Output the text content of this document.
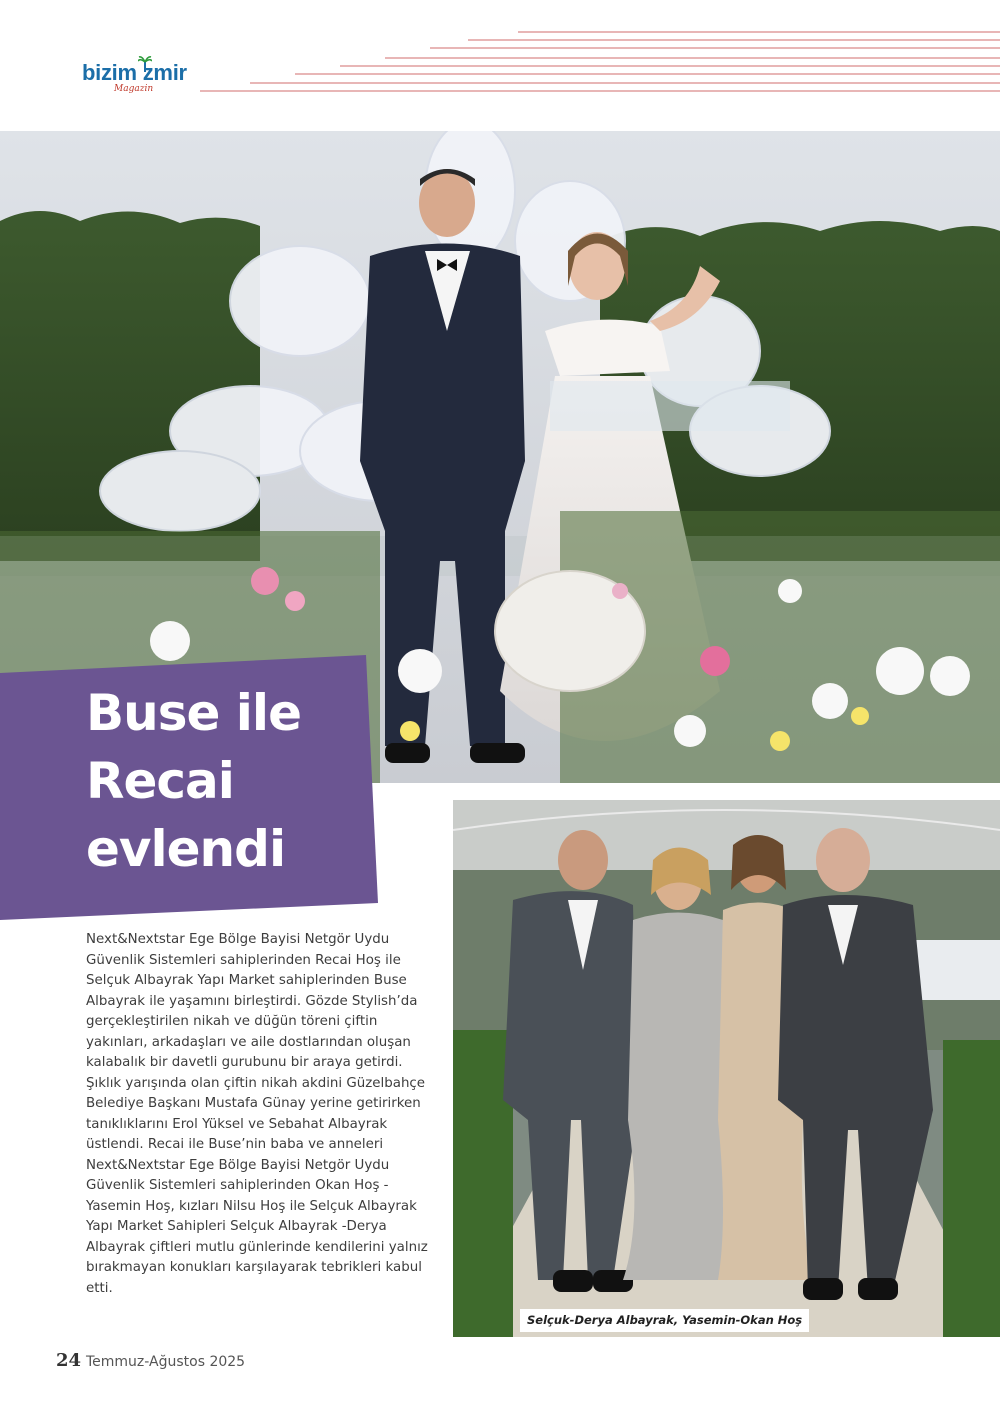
bizim zmir
Magazin
Selçuk-Derya Albayrak, Yasemin-Okan Hoş
Buse ile
Recai
evlendi

Next&Nextstar Ege Bölge Bayisi Netgör Uydu Güvenlik Sistemleri sahiplerinden Recai Hoş ile Selçuk Albayrak Yapı Market sahiplerinden Buse Albayrak ile yaşamını birleştirdi. Gözde Stylish’da gerçekleştirilen nikah ve düğün töreni çiftin yakınları, arkadaşları ve aile dostlarından oluşan kalabalık bir davetli gurubunu bir araya getirdi. Şıklık yarışında olan çiftin nikah akdini Güzelbahçe Belediye Başkanı Mustafa Günay yerine getirirken tanıklıklarını Erol Yüksel ve Sebahat Albayrak üstlendi. Recai ile Buse’nin baba ve anneleri Next&Nextstar Ege Bölge Bayisi Netgör Uydu Güvenlik Sistemleri sahiplerinden Okan Hoş -Yasemin Hoş, kızları Nilsu Hoş ile Selçuk Albayrak Yapı Market Sahipleri Selçuk Albayrak -Derya Albayrak çiftleri mutlu günlerinde kendilerini yalnız bırakmayan konukları karşılayarak tebrikleri kabul etti.

24 Temmuz-Ağustos 2025
